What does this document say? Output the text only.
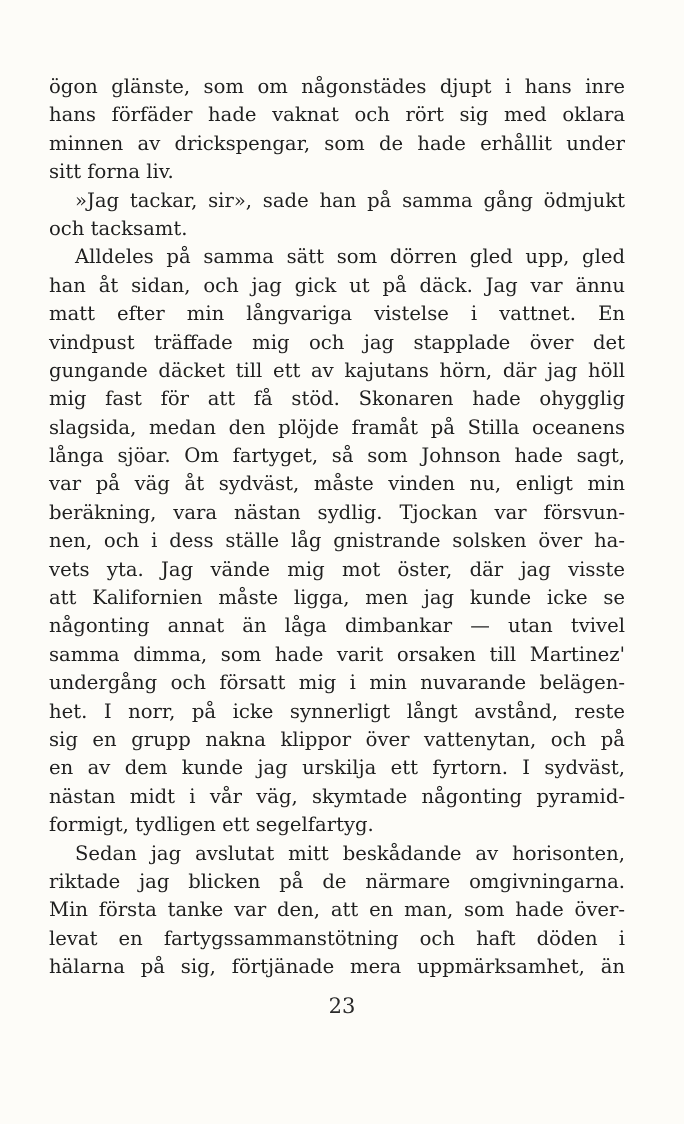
ögon glänste, som om någonstädes djupt i hans inre
hans förfäder hade vaknat och rört sig med oklara
minnen av drickspengar, som de hade erhållit under
sitt forna liv.
»Jag tackar, sir», sade han på samma gång ödmjukt
och tacksamt.
Alldeles på samma sätt som dörren gled upp, gled
han åt sidan, och jag gick ut på däck. Jag var ännu
matt efter min långvariga vistelse i vattnet. En
vindpust träffade mig och jag stapplade över det
gungande däcket till ett av kajutans hörn, där jag höll
mig fast för att få stöd. Skonaren hade ohygglig
slagsida, medan den plöjde framåt på Stilla oceanens
långa sjöar. Om fartyget, så som Johnson hade sagt,
var på väg åt sydväst, måste vinden nu, enligt min
beräkning, vara nästan sydlig. Tjockan var försvun-
nen, och i dess ställe låg gnistrande solsken över ha-
vets yta. Jag vände mig mot öster, där jag visste
att Kalifornien måste ligga, men jag kunde icke se
någonting annat än låga dimbankar — utan tvivel
samma dimma, som hade varit orsaken till Martinez'
undergång och försatt mig i min nuvarande belägen-
het. I norr, på icke synnerligt långt avstånd, reste
sig en grupp nakna klippor över vattenytan, och på
en av dem kunde jag urskilja ett fyrtorn. I sydväst,
nästan midt i vår väg, skymtade någonting pyramid-
formigt, tydligen ett segelfartyg.
Sedan jag avslutat mitt beskådande av horisonten,
riktade jag blicken på de närmare omgivningarna.
Min första tanke var den, att en man, som hade över-
levat en fartygssammanstötning och haft döden i
hälarna på sig, förtjänade mera uppmärksamhet, än
23
